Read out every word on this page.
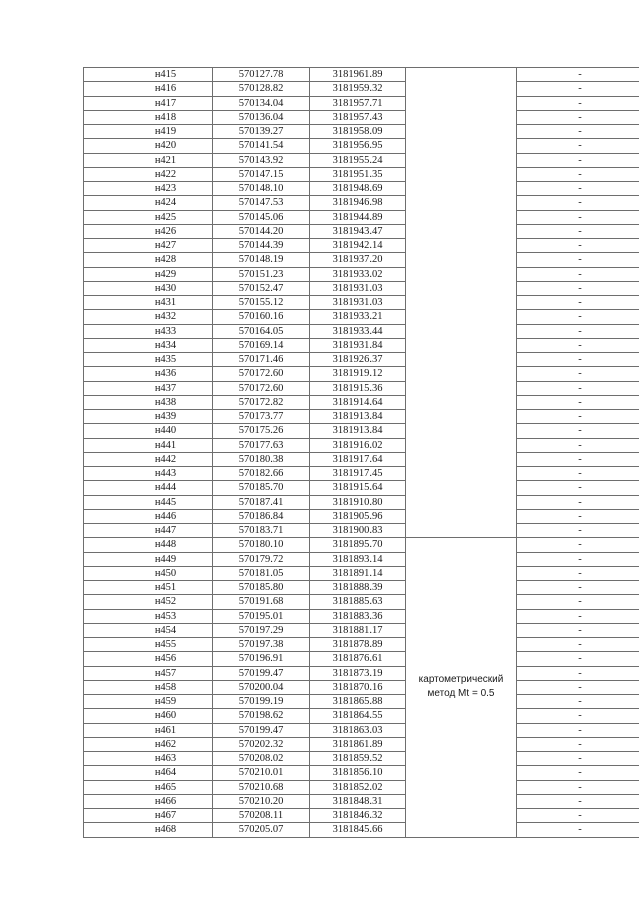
н415	570127.78	3181961.89		-
н416	570128.82	3181959.32		-
н417	570134.04	3181957.71		-
н418	570136.04	3181957.43		-
н419	570139.27	3181958.09		-
н420	570141.54	3181956.95		-
н421	570143.92	3181955.24		-
н422	570147.15	3181951.35		-
н423	570148.10	3181948.69		-
н424	570147.53	3181946.98		-
н425	570145.06	3181944.89		-
н426	570144.20	3181943.47		-
н427	570144.39	3181942.14		-
н428	570148.19	3181937.20		-
н429	570151.23	3181933.02		-
н430	570152.47	3181931.03		-
н431	570155.12	3181931.03		-
н432	570160.16	3181933.21		-
н433	570164.05	3181933.44		-
н434	570169.14	3181931.84		-
н435	570171.46	3181926.37		-
н436	570172.60	3181919.12		-
н437	570172.60	3181915.36		-
н438	570172.82	3181914.64		-
н439	570173.77	3181913.84		-
н440	570175.26	3181913.84		-
н441	570177.63	3181916.02		-
н442	570180.38	3181917.64		-
н443	570182.66	3181917.45		-
н444	570185.70	3181915.64		-
н445	570187.41	3181910.80		-
н446	570186.84	3181905.96		-
н447	570183.71	3181900.83		-
н448	570180.10	3181895.70	картометрический
метод Mt = 0.5	-
н449	570179.72	3181893.14		-
н450	570181.05	3181891.14		-
н451	570185.80	3181888.39		-
н452	570191.68	3181885.63		-
н453	570195.01	3181883.36		-
н454	570197.29	3181881.17		-
н455	570197.38	3181878.89		-
н456	570196.91	3181876.61		-
н457	570199.47	3181873.19		-
н458	570200.04	3181870.16		-
н459	570199.19	3181865.88		-
н460	570198.62	3181864.55		-
н461	570199.47	3181863.03		-
н462	570202.32	3181861.89		-
н463	570208.02	3181859.52		-
н464	570210.01	3181856.10		-
н465	570210.68	3181852.02		-
н466	570210.20	3181848.31		-
н467	570208.11	3181846.32		-
н468	570205.07	3181845.66		-
